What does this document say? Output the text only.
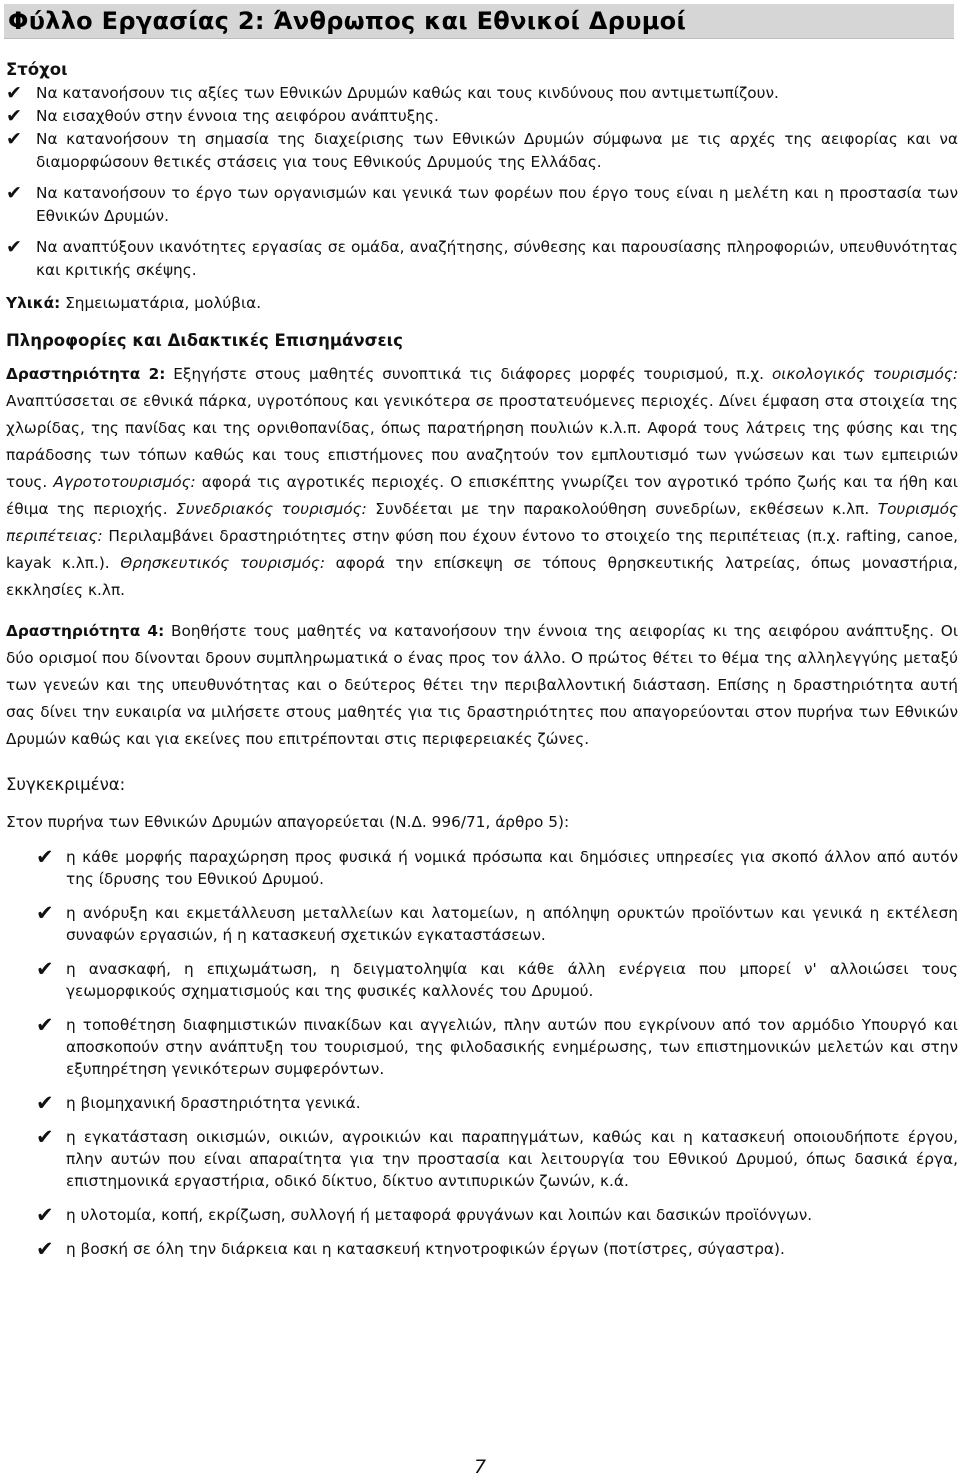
Φύλλο Εργασίας 2: Άνθρωπος και Εθνικοί Δρυμοί
Στόχοι
✔ Να κατανοήσουν τις αξίες των Εθνικών Δρυμών καθώς και τους κινδύνους που αντιμετωπίζουν.
✔ Να εισαχθούν στην έννοια της αειφόρου ανάπτυξης.
✔ Να κατανοήσουν τη σημασία της διαχείρισης των Εθνικών Δρυμών σύμφωνα με τις αρχές της αειφορίας και να διαμορφώσουν θετικές στάσεις για τους Εθνικούς Δρυμούς της Ελλάδας.
✔ Να κατανοήσουν το έργο των οργανισμών και γενικά των φορέων που έργο τους είναι η μελέτη και η προστασία των Εθνικών Δρυμών.
✔ Να αναπτύξουν ικανότητες εργασίας σε ομάδα, αναζήτησης, σύνθεσης και παρουσίασης πληροφοριών, υπευθυνότητας και κριτικής σκέψης.

Υλικά: Σημειωματάρια, μολύβια.

Πληροφορίες και Διδακτικές Επισημάνσεις

Δραστηριότητα 2: Εξηγήστε στους μαθητές συνοπτικά τις διάφορες μορφές τουρισμού, π.χ. οικολογικός τουρισμός: Αναπτύσσεται σε εθνικά πάρκα, υγροτόπους και γενικότερα σε προστατευόμενες περιοχές. Δίνει έμφαση στα στοιχεία της χλωρίδας, της πανίδας και της ορνιθοπανίδας, όπως παρατήρηση πουλιών κ.λ.π. Αφορά τους λάτρεις της φύσης και της παράδοσης των τόπων καθώς και τους επιστήμονες που αναζητούν τον εμπλουτισμό των γνώσεων και των εμπειριών τους. Αγροτοτουρισμός: αφορά τις αγροτικές περιοχές. Ο επισκέπτης γνωρίζει τον αγροτικό τρόπο ζωής και τα ήθη και έθιμα της περιοχής. Συνεδριακός τουρισμός: Συνδέεται με την παρακολούθηση συνεδρίων, εκθέσεων κ.λπ. Τουρισμός περιπέτειας: Περιλαμβάνει δραστηριότητες στην φύση που έχουν έντονο το στοιχείο της περιπέτειας (π.χ. rafting, canoe, kayak κ.λπ.). Θρησκευτικός τουρισμός: αφορά την επίσκεψη σε τόπους θρησκευτικής λατρείας, όπως μοναστήρια, εκκλησίες κ.λπ.

Δραστηριότητα 4: Βοηθήστε τους μαθητές να κατανοήσουν την έννοια της αειφορίας κι της αειφόρου ανάπτυξης. Οι δύο ορισμοί που δίνονται δρουν συμπληρωματικά ο ένας προς τον άλλο. Ο πρώτος θέτει το θέμα της αλληλεγγύης μεταξύ των γενεών και της υπευθυνότητας και ο δεύτερος θέτει την περιβαλλοντική διάσταση. Επίσης η δραστηριότητα αυτή σας δίνει την ευκαιρία να μιλήσετε στους μαθητές για τις δραστηριότητες που απαγορεύονται στον πυρήνα των Εθνικών Δρυμών καθώς και για εκείνες που επιτρέπονται στις περιφερειακές ζώνες.

Συγκεκριμένα:

Στον πυρήνα των Εθνικών Δρυμών απαγορεύεται (Ν.Δ. 996/71, άρθρο 5):

✔ η κάθε μορφής παραχώρηση προς φυσικά ή νομικά πρόσωπα και δημόσιες υπηρεσίες για σκοπό άλλον από αυτόν της ίδρυσης του Εθνικού Δρυμού.
✔ η ανόρυξη και εκμετάλλευση μεταλλείων και λατομείων, η απόληψη ορυκτών προϊόντων και γενικά η εκτέλεση συναφών εργασιών, ή η κατασκευή σχετικών εγκαταστάσεων.
✔ η ανασκαφή, η επιχωμάτωση, η δειγματοληψία και κάθε άλλη ενέργεια που μπορεί ν' αλλοιώσει τους γεωμορφικούς σχηματισμούς και της φυσικές καλλονές του Δρυμού.
✔ η τοποθέτηση διαφημιστικών πινακίδων και αγγελιών, πλην αυτών που εγκρίνουν από τον αρμόδιο Υπουργό και αποσκοπούν στην ανάπτυξη του τουρισμού, της φιλοδασικής ενημέρωσης, των επιστημονικών μελετών και στην εξυπηρέτηση γενικότερων συμφερόντων.
✔ η βιομηχανική δραστηριότητα γενικά.
✔ η εγκατάσταση οικισμών, οικιών, αγροικιών και παραπηγμάτων, καθώς και η κατασκευή οποιουδήποτε έργου, πλην αυτών που είναι απαραίτητα για την προστασία και λειτουργία του Εθνικού Δρυμού, όπως δασικά έργα, επιστημονικά εργαστήρια, οδικό δίκτυο, δίκτυο αντιπυρικών ζωνών, κ.ά.
✔ η υλοτομία, κοπή, εκρίζωση, συλλογή ή μεταφορά φρυγάνων και λοιπών και δασικών προϊόνγων.
✔ η βοσκή σε όλη την διάρκεια και η κατασκευή κτηνοτροφικών έργων (ποτίστρες, σύγαστρα).
7
